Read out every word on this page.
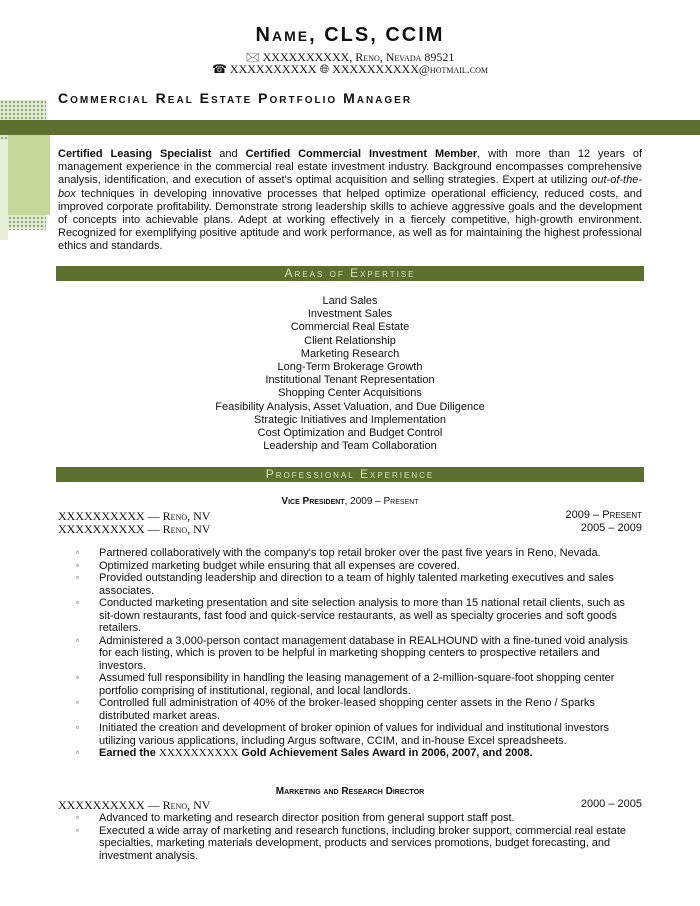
Name, CLS, CCIM
🖂 XXXXXXXXXX, Reno, Nevada 89521
☎ XXXXXXXXXX 🌐︎ XXXXXXXXXX@hotmail.com
Commercial Real Estate Portfolio Manager
Certified Leasing Specialist and Certified Commercial Investment Member, with more than 12 years of management experience in the commercial real estate investment industry. Background encompasses comprehensive analysis, identification, and execution of asset's optimal acquisition and selling strategies. Expert at utilizing out-of-the-box techniques in developing innovative processes that helped optimize operational efficiency, reduced costs, and improved corporate profitability. Demonstrate strong leadership skills to achieve aggressive goals and the development of concepts into achievable plans. Adept at working effectively in a fiercely competitive, high-growth environment. Recognized for exemplifying positive aptitude and work performance, as well as for maintaining the highest professional ethics and standards.
Areas of Expertise
Land Sales
Investment Sales
Commercial Real Estate
Client Relationship
Marketing Research
Long-Term Brokerage Growth
Institutional Tenant Representation
Shopping Center Acquisitions
Feasibility Analysis, Asset Valuation, and Due Diligence
Strategic Initiatives and Implementation
Cost Optimization and Budget Control
Leadership and Team Collaboration
Professional Experience
Vice President, 2009 – Present
XXXXXXXXXX — Reno, NV	2009 – Present
XXXXXXXXXX — Reno, NV	2005 – 2009
▫ Partnered collaboratively with the company's top retail broker over the past five years in Reno, Nevada.
▫ Optimized marketing budget while ensuring that all expenses are covered.
▫ Provided outstanding leadership and direction to a team of highly talented marketing executives and sales associates.
▫ Conducted marketing presentation and site selection analysis to more than 15 national retail clients, such as sit-down restaurants, fast food and quick-service restaurants, as well as specialty groceries and soft goods retailers.
▫ Administered a 3,000-person contact management database in REALHOUND with a fine-tuned void analysis for each listing, which is proven to be helpful in marketing shopping centers to prospective retailers and investors.
▫ Assumed full responsibility in handling the leasing management of a 2-million-square-foot shopping center portfolio comprising of institutional, regional, and local landlords.
▫ Controlled full administration of 40% of the broker-leased shopping center assets in the Reno / Sparks distributed market areas.
▫ Initiated the creation and development of broker opinion of values for individual and institutional investors utilizing various applications, including Argus software, CCIM, and in-house Excel spreadsheets.
▫ Earned the XXXXXXXXXX Gold Achievement Sales Award in 2006, 2007, and 2008.
Marketing and Research Director
XXXXXXXXXX — Reno, NV	2000 – 2005
▫ Advanced to marketing and research director position from general support staff post.
▫ Executed a wide array of marketing and research functions, including broker support, commercial real estate specialties, marketing materials development, products and services promotions, budget forecasting, and investment analysis.
